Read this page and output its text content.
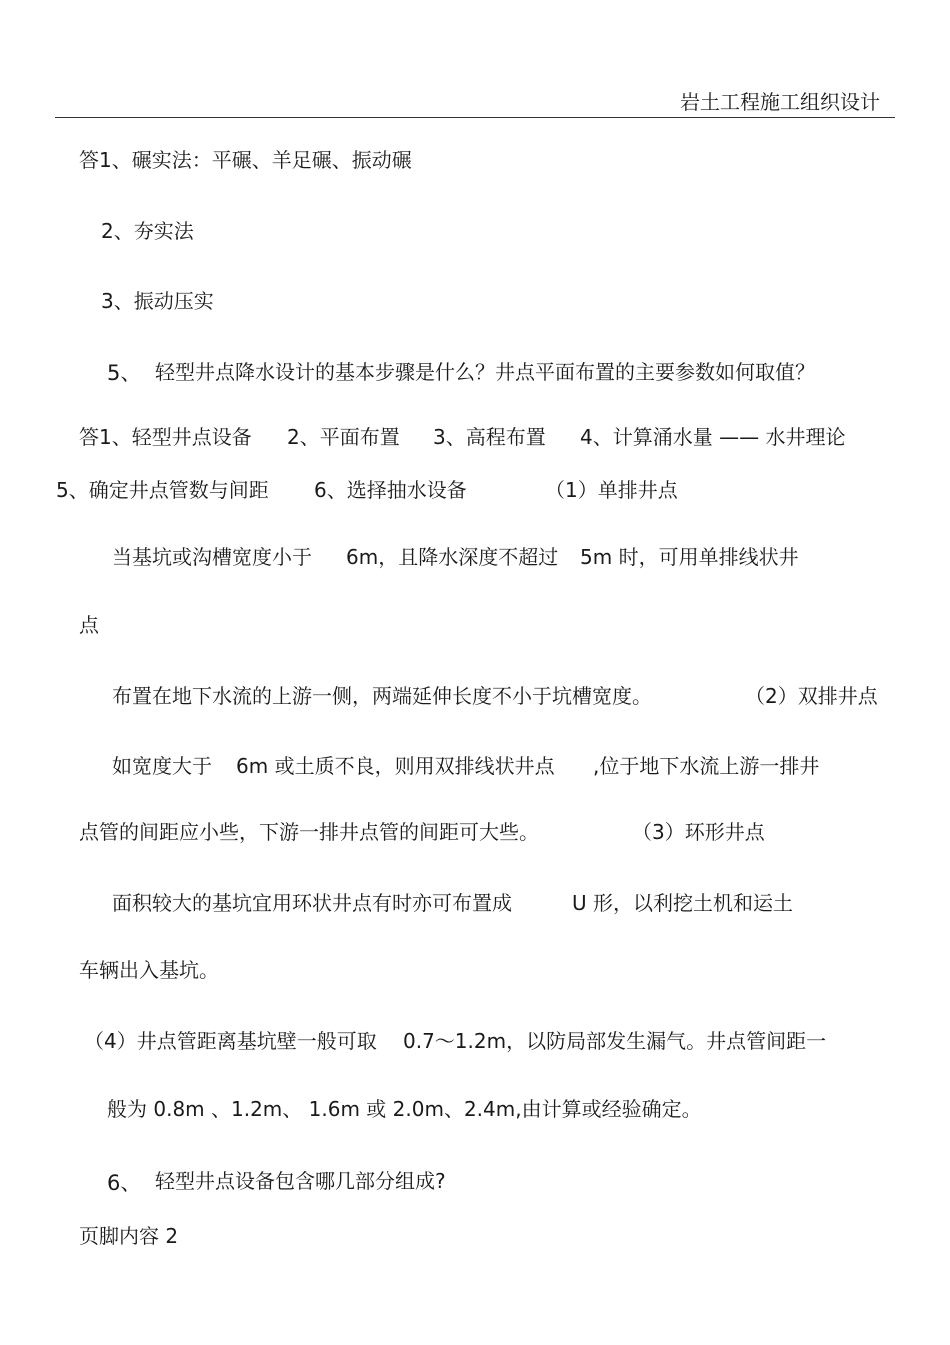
岩土工程施工组织设计
答1、碾实法：平碾、羊足碾、振动碾
2、夯实法
3、振动压实
5、 轻型井点降水设计的基本步骤是什么？井点平面布置的主要参数如何取值？
答1、轻型井点设备 2、平面布置 3、高程布置 4、计算涌水量 —— 水井理论
5、确定井点管数与间距 6、选择抽水设备	（1）单排井点
当基坑或沟槽宽度小于 6m，且降水深度不超过 5m 时，可用单排线状井
点
布置在地下水流的上游一侧，两端延伸长度不小于坑槽宽度。	（2）双排井点
如宽度大于 6m 或土质不良，则用双排线状井点 ,位于地下水流上游一排井
点管的间距应小些，下游一排井点管的间距可大些。	（3）环形井点
面积较大的基坑宜用环状井点有时亦可布置成	U 形，以利挖土机和运土
车辆出入基坑。
（4）井点管距离基坑壁一般可取 0.7～1.2m，以防局部发生漏气。井点管间距一
般为 0.8m 、1.2m、 1.6m 或 2.0m、2.4m,由计算或经验确定。
6、 轻型井点设备包含哪几部分组成?
页脚内容 2
